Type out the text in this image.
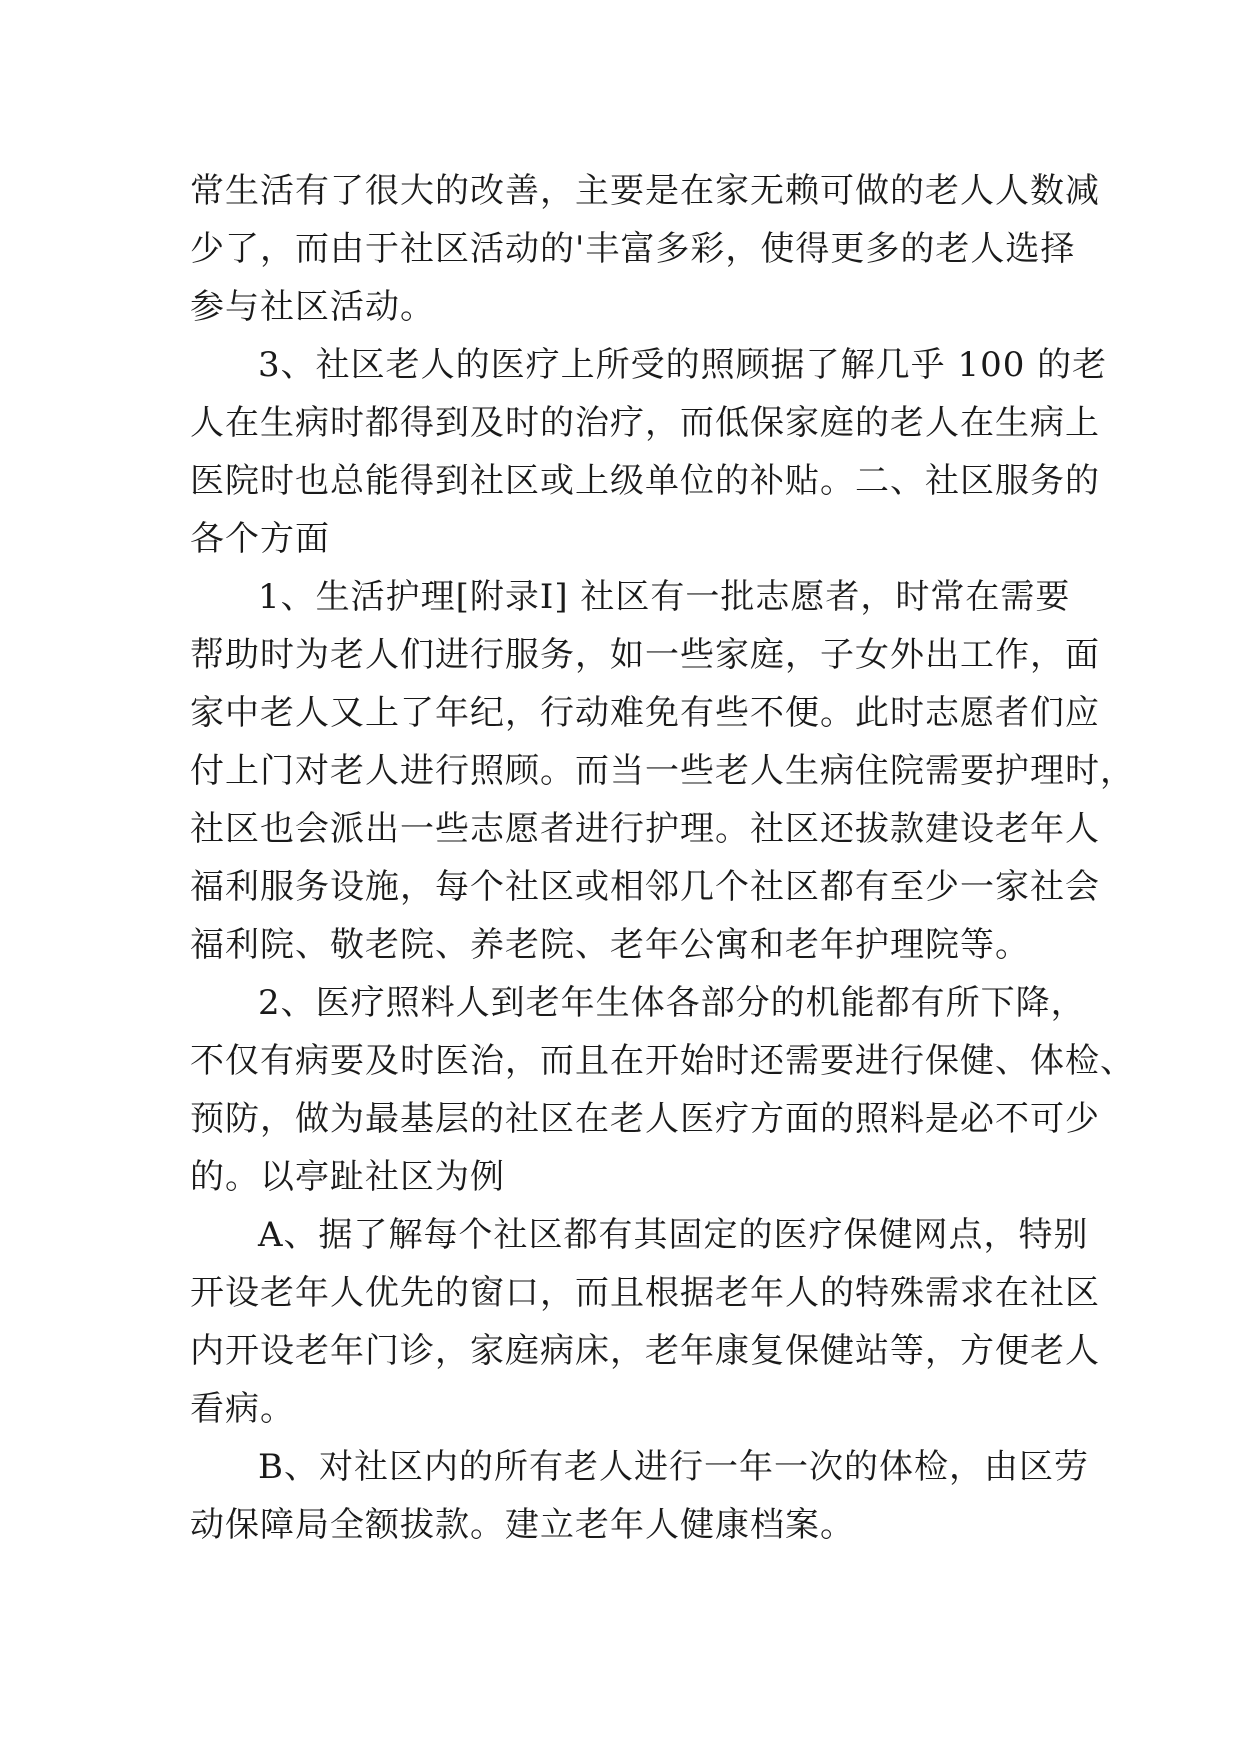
常生活有了很大的改善，主要是在家无赖可做的老人人数减
少了，而由于社区活动的'丰富多彩，使得更多的老人选择
参与社区活动。

3、社区老人的医疗上所受的照顾据了解几乎 100 的老
人在生病时都得到及时的治疗，而低保家庭的老人在生病上
医院时也总能得到社区或上级单位的补贴。二、社区服务的
各个方面

1、生活护理[附录Ⅰ] 社区有一批志愿者，时常在需要
帮助时为老人们进行服务，如一些家庭，子女外出工作，面
家中老人又上了年纪，行动难免有些不便。此时志愿者们应
付上门对老人进行照顾。而当一些老人生病住院需要护理时，
社区也会派出一些志愿者进行护理。社区还拔款建设老年人
福利服务设施，每个社区或相邻几个社区都有至少一家社会
福利院、敬老院、养老院、老年公寓和老年护理院等。

2、医疗照料人到老年生体各部分的机能都有所下降，
不仅有病要及时医治，而且在开始时还需要进行保健、体检、
预防，做为最基层的社区在老人医疗方面的照料是必不可少
的。以亭趾社区为例

A、据了解每个社区都有其固定的医疗保健网点，特别
开设老年人优先的窗口，而且根据老年人的特殊需求在社区
内开设老年门诊，家庭病床，老年康复保健站等，方便老人
看病。

B、对社区内的所有老人进行一年一次的体检，由区劳
动保障局全额拔款。建立老年人健康档案。
